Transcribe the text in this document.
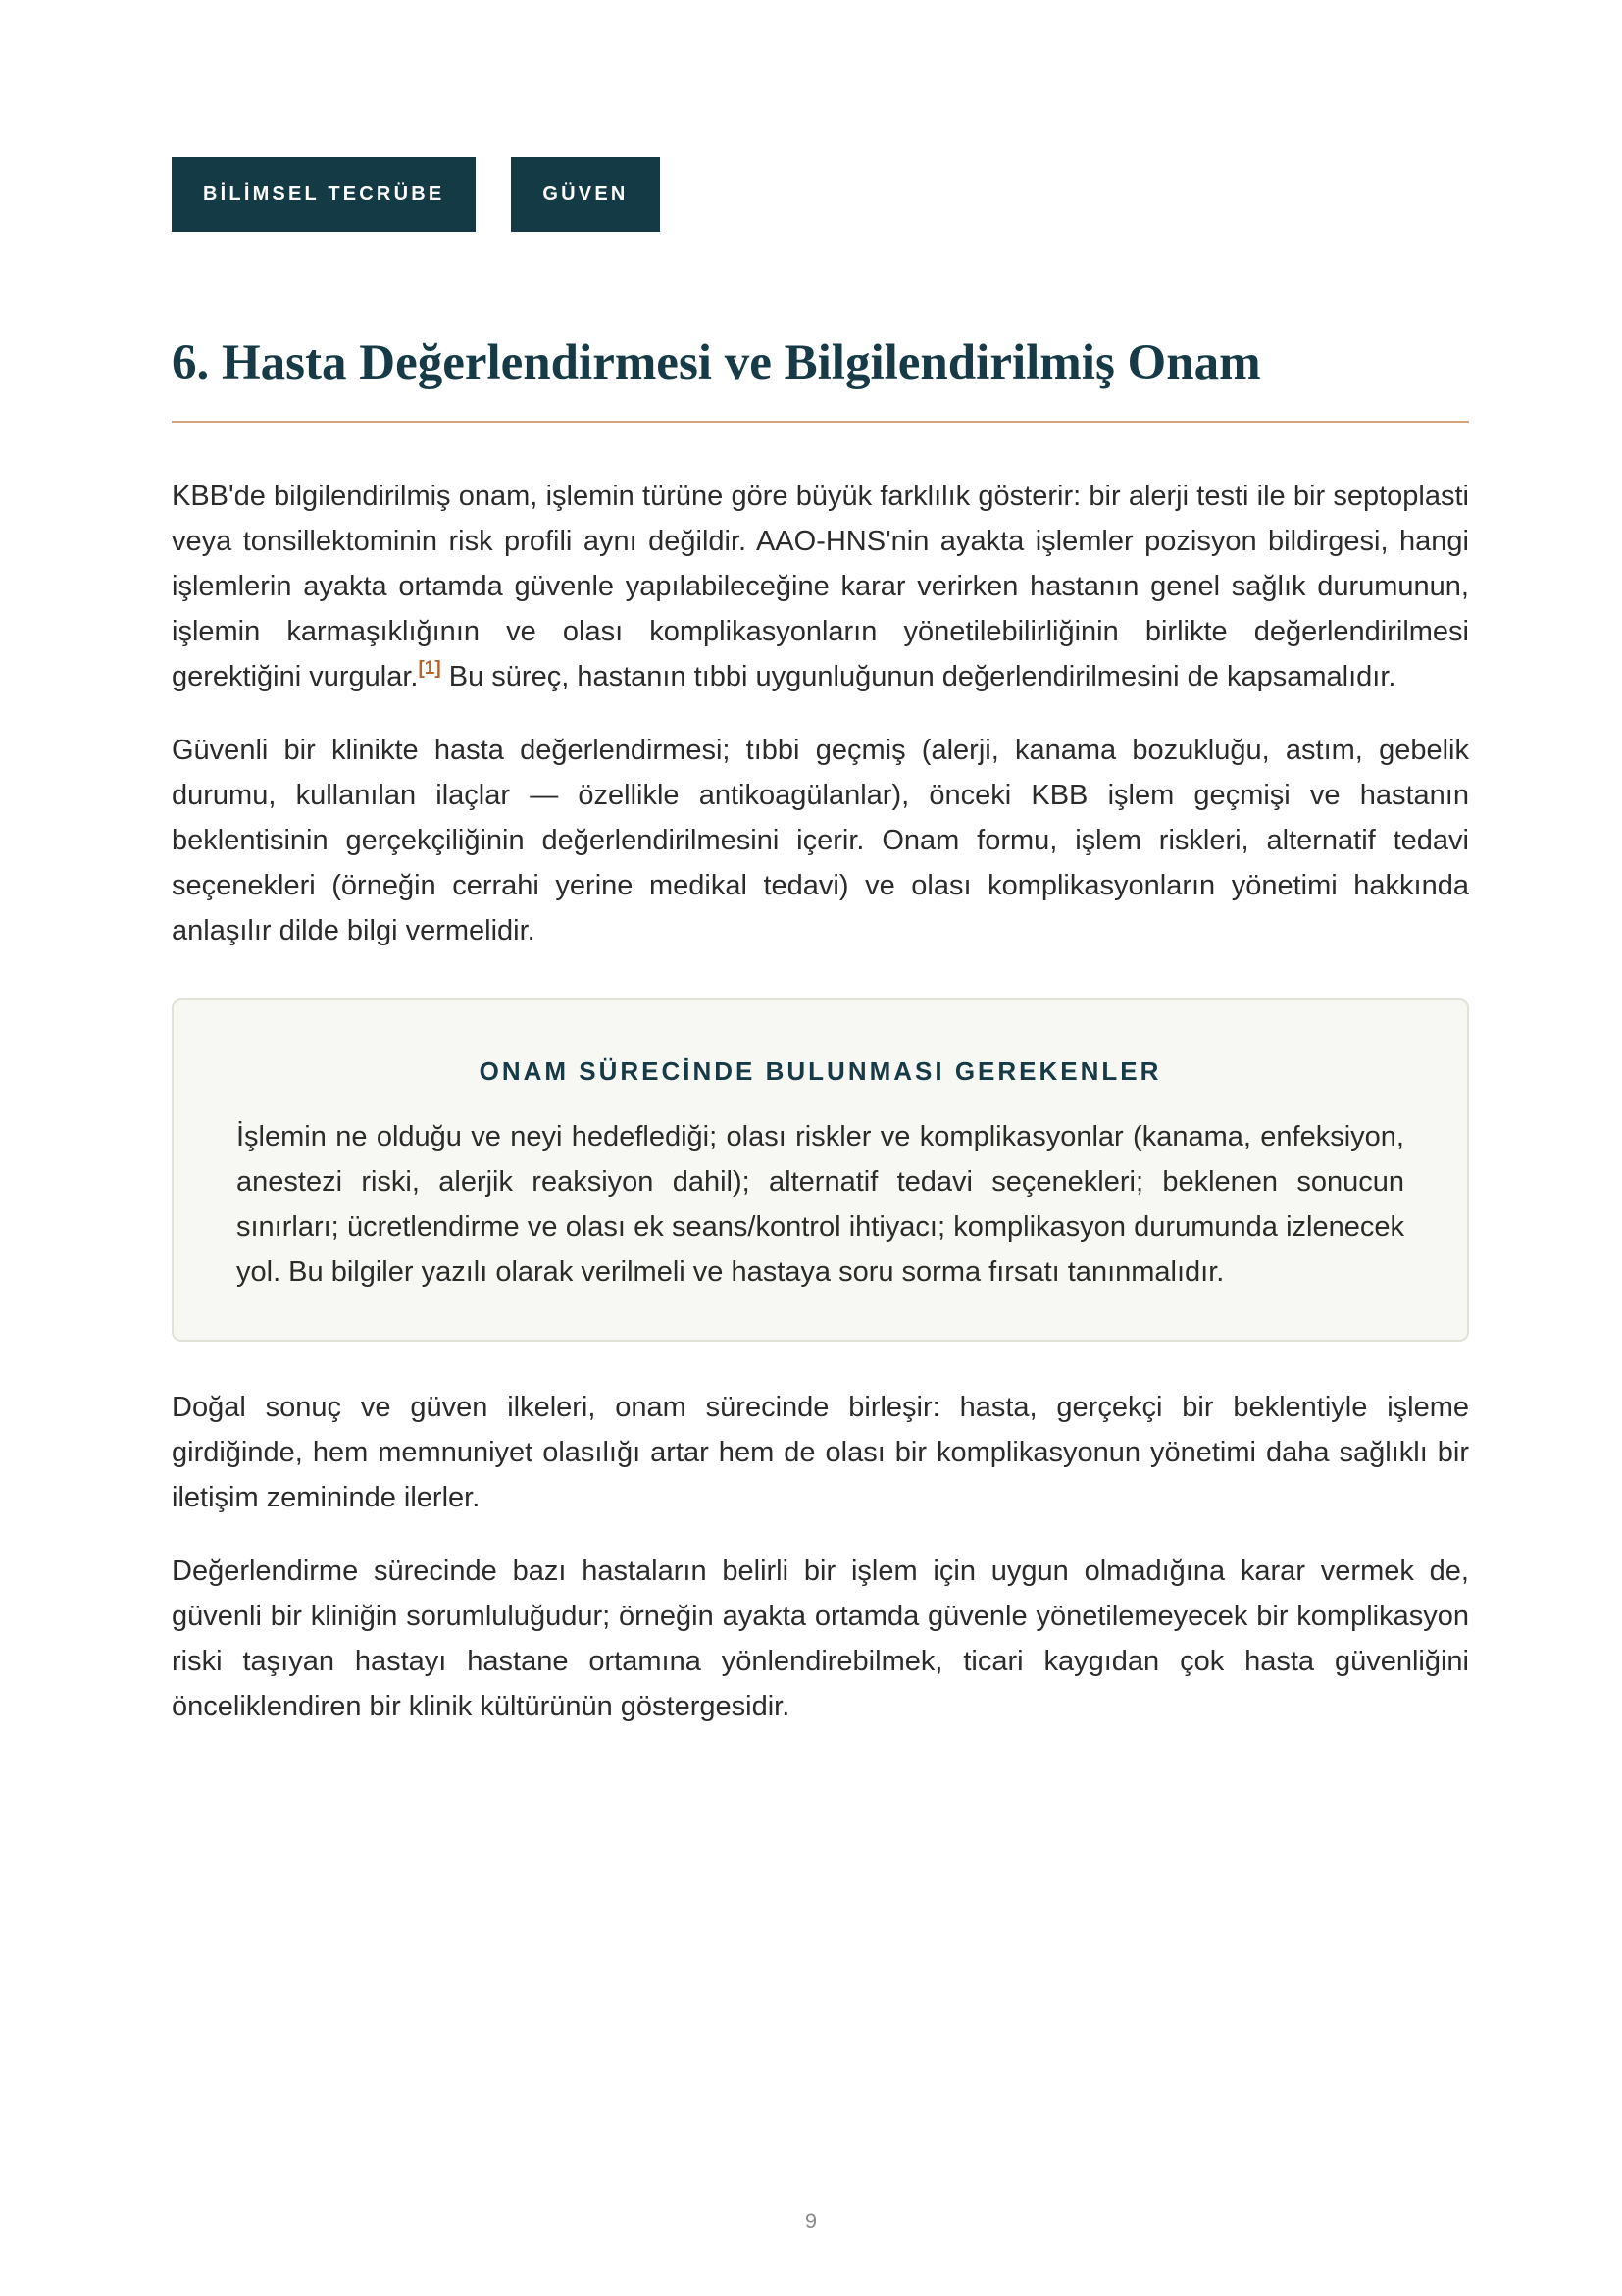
BİLİMSEL TECRÜBE	GÜVEN
6. Hasta Değerlendirmesi ve Bilgilendirilmiş Onam

KBB'de bilgilendirilmiş onam, işlemin türüne göre büyük farklılık gösterir: bir alerji testi ile bir septoplasti veya tonsillektominin risk profili aynı değildir. AAO-HNS'nin ayakta işlemler pozisyon bildirgesi, hangi işlemlerin ayakta ortamda güvenle yapılabileceğine karar verirken hastanın genel sağlık durumunun, işlemin karmaşıklığının ve olası komplikasyonların yönetilebilirliğinin birlikte değerlendirilmesi gerektiğini vurgular.[1] Bu süreç, hastanın tıbbi uygunluğunun değerlendirilmesini de kapsamalıdır.

Güvenli bir klinikte hasta değerlendirmesi; tıbbi geçmiş (alerji, kanama bozukluğu, astım, gebelik durumu, kullanılan ilaçlar — özellikle antikoagülanlar), önceki KBB işlem geçmişi ve hastanın beklentisinin gerçekçiliğinin değerlendirilmesini içerir. Onam formu, işlem riskleri, alternatif tedavi seçenekleri (örneğin cerrahi yerine medikal tedavi) ve olası komplikasyonların yönetimi hakkında anlaşılır dilde bilgi vermelidir.

ONAM SÜRECİNDE BULUNMASI GEREKENLER
İşlemin ne olduğu ve neyi hedeflediği; olası riskler ve komplikasyonlar (kanama, enfeksiyon, anestezi riski, alerjik reaksiyon dahil); alternatif tedavi seçenekleri; beklenen sonucun sınırları; ücretlendirme ve olası ek seans/kontrol ihtiyacı; komplikasyon durumunda izlenecek yol. Bu bilgiler yazılı olarak verilmeli ve hastaya soru sorma fırsatı tanınmalıdır.

Doğal sonuç ve güven ilkeleri, onam sürecinde birleşir: hasta, gerçekçi bir beklentiyle işleme girdiğinde, hem memnuniyet olasılığı artar hem de olası bir komplikasyonun yönetimi daha sağlıklı bir iletişim zemininde ilerler.

Değerlendirme sürecinde bazı hastaların belirli bir işlem için uygun olmadığına karar vermek de, güvenli bir kliniğin sorumluluğudur; örneğin ayakta ortamda güvenle yönetilemeyecek bir komplikasyon riski taşıyan hastayı hastane ortamına yönlendirebilmek, ticari kaygıdan çok hasta güvenliğini önceliklendiren bir klinik kültürünün göstergesidir.

9
